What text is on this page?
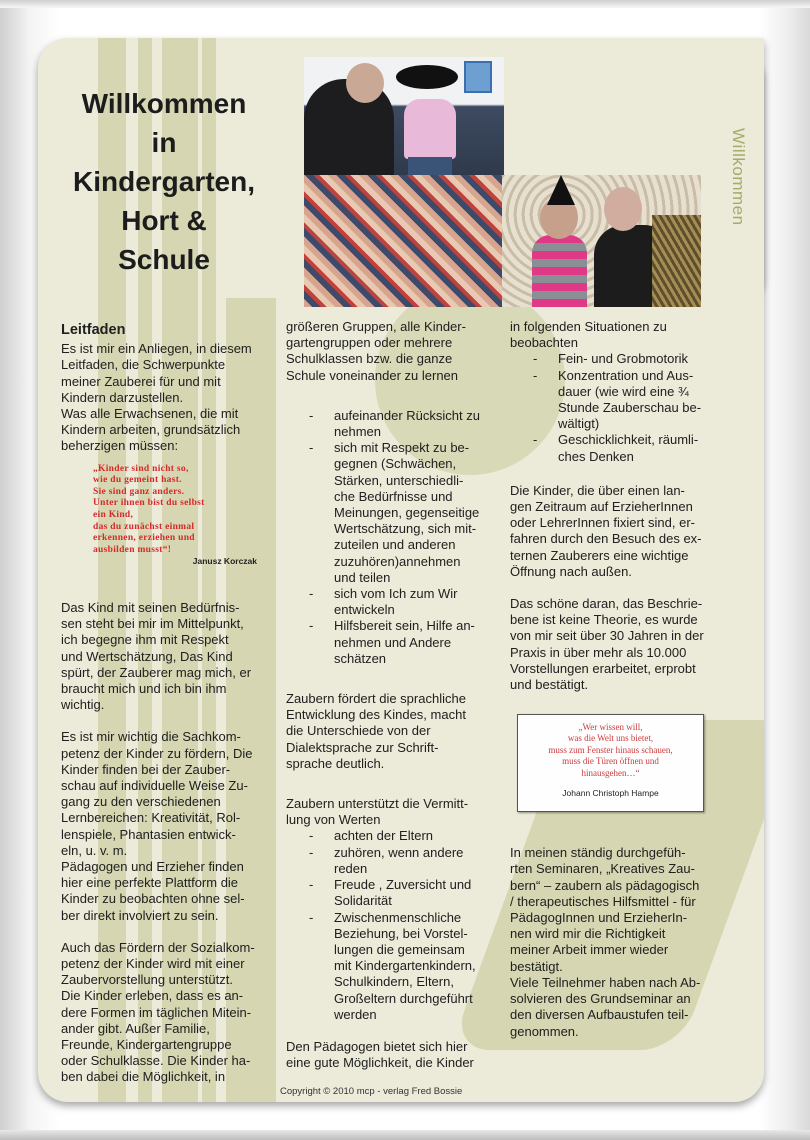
Willkommen
Willkommen
in
Kindergarten,
Hort &
Schule
Leitfaden
Es ist mir ein Anliegen, in diesem
Leitfaden, die Schwerpunkte
meiner Zauberei für und mit
Kindern darzustellen.
Was alle Erwachsenen, die mit
Kindern arbeiten, grundsätzlich
beherzigen müssen:
„Kinder sind nicht so,
wie du gemeint hast.
Sie sind ganz anders.
Unter ihnen bist du selbst
ein Kind,
das du zunächst einmal
erkennen, erziehen und
ausbilden musst“!
Janusz Korczak
Das Kind mit seinen Bedürfnis-
sen steht bei mir im Mittelpunkt,
ich begegne ihm mit Respekt
und Wertschätzung, Das Kind
spürt, der Zauberer mag mich, er
braucht mich und ich bin ihm
wichtig.
Es ist mir wichtig die Sachkom-
petenz der Kinder zu fördern, Die
Kinder finden bei der Zauber-
schau auf individuelle Weise Zu-
gang zu den verschiedenen
Lernbereichen: Kreativität, Rol-
lenspiele, Phantasien entwick-
eln, u. v. m.
Pädagogen und Erzieher finden
hier eine perfekte Plattform die
Kinder zu beobachten ohne sel-
ber direkt involviert zu sein.
Auch das Fördern der Sozialkom-
petenz der Kinder wird mit einer
Zaubervorstellung unterstützt.
Die Kinder erleben, dass es an-
dere Formen im täglichen Mitein-
ander gibt. Außer Familie,
Freunde, Kindergartengruppe
oder Schulklasse. Die Kinder ha-
ben dabei die Möglichkeit, in
größeren Gruppen, alle Kinder-
gartengruppen oder mehrere
Schulklassen bzw. die ganze
Schule voneinander zu lernen
- aufeinander Rücksicht zu
nehmen
- sich mit Respekt zu be-
gegnen (Schwächen,
Stärken, unterschiedli-
che Bedürfnisse und
Meinungen, gegenseitige
Wertschätzung, sich mit-
zuteilen und anderen
zuzuhören)annehmen
und teilen
- sich vom Ich zum Wir
entwickeln
- Hilfsbereit sein, Hilfe an-
nehmen und Andere
schätzen
Zaubern fördert die sprachliche
Entwicklung des Kindes, macht
die Unterschiede von der
Dialektsprache zur Schrift-
sprache deutlich.
Zaubern unterstützt die Vermitt-
lung von Werten
- achten der Eltern
- zuhören, wenn andere
reden
- Freude , Zuversicht und
Solidarität
- Zwischenmenschliche
Beziehung, bei Vorstel-
lungen die gemeinsam
mit Kindergartenkindern,
Schulkindern, Eltern,
Großeltern durchgeführt
werden
Den Pädagogen bietet sich hier
eine gute Möglichkeit, die Kinder
in folgenden Situationen zu
beobachten
- Fein- und Grobmotorik
- Konzentration und Aus-
dauer (wie wird eine ¾
Stunde Zauberschau be-
wältigt)
- Geschicklichkeit, räumli-
ches Denken
Die Kinder, die über einen lan-
gen Zeitraum auf ErzieherInnen
oder LehrerInnen fixiert sind, er-
fahren durch den Besuch des ex-
ternen Zauberers eine wichtige
Öffnung nach außen.
Das schöne daran, das Beschrie-
bene ist keine Theorie, es wurde
von mir seit über 30 Jahren in der
Praxis in über mehr als 10.000
Vorstellungen erarbeitet, erprobt
und bestätigt.
In meinen ständig durchgefüh-
rten Seminaren, „Kreatives Zau-
bern“ – zaubern als pädagogisch
/ therapeutisches Hilfsmittel - für
PädagogInnen und ErzieherIn-
nen wird mir die Richtigkeit
meiner Arbeit immer wieder
bestätigt.
Viele Teilnehmer haben nach Ab-
solvieren des Grundseminar an
den diversen Aufbaustufen teil-
genommen.
„Wer wissen will,
was die Welt uns bietet,
muss zum Fenster hinaus schauen,
muss die Türen öffnen und
hinausgehen…“
Johann Christoph Hampe
Copyright © 2010 mcp - verlag Fred Bossie
